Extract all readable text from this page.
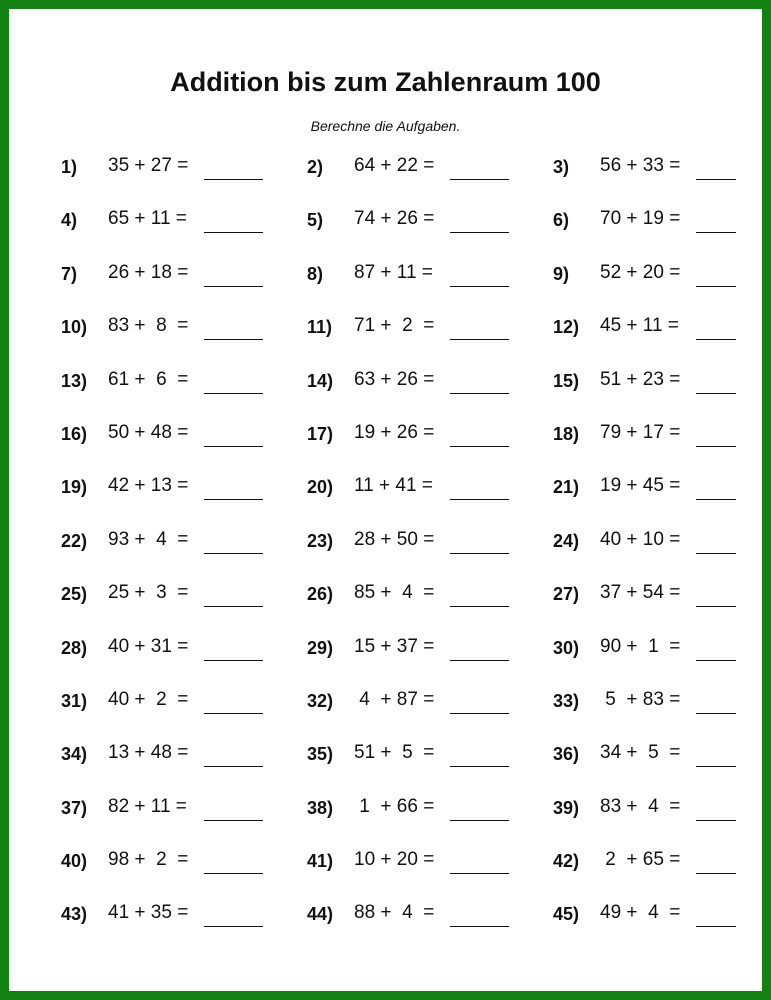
Addition bis zum Zahlenraum 100
Berechne die Aufgaben.
1) 35 + 27 =	2) 64 + 22 =	3) 56 + 33 =
4) 65 + 11 =	5) 74 + 26 =	6) 70 + 19 =
7) 26 + 18 =	8) 87 + 11 =	9) 52 + 20 =
10) 83 +  8  =	11) 71 +  2  =	12) 45 + 11 =
13) 61 +  6  =	14) 63 + 26 =	15) 51 + 23 =
16) 50 + 48 =	17) 19 + 26 =	18) 79 + 17 =
19) 42 + 13 =	20) 11 + 41 =	21) 19 + 45 =
22) 93 +  4  =	23) 28 + 50 =	24) 40 + 10 =
25) 25 +  3  =	26) 85 +  4  =	27) 37 + 54 =
28) 40 + 31 =	29) 15 + 37 =	30) 90 +  1  =
31) 40 +  2  =	32) 4  + 87 =	33) 5  + 83 =
34) 13 + 48 =	35) 51 +  5  =	36) 34 +  5  =
37) 82 + 11 =	38) 1  + 66 =	39) 83 +  4  =
40) 98 +  2  =	41) 10 + 20 =	42) 2  + 65 =
43) 41 + 35 =	44) 88 +  4  =	45) 49 +  4  =
